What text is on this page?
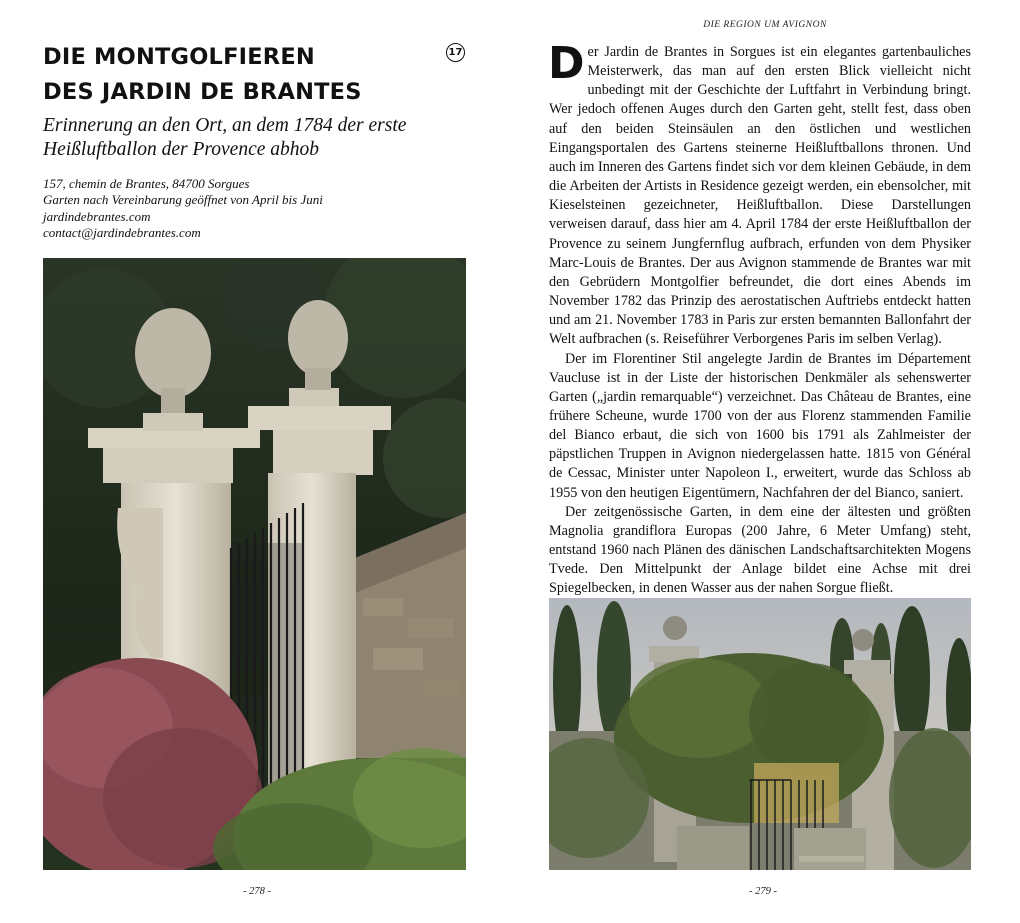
DIE MONTGOLFIEREN
DES JARDIN DE BRANTES
17
Erinnerung an den Ort, an dem 1784 der erste
Heißluftballon der Provence abhob
157, chemin de Brantes, 84700 Sorgues
Garten nach Vereinbarung geöffnet von April bis Juni
jardindebrantes.com
contact@jardindebrantes.com
- 278 -
DIE REGION UM AVIGNON

Der Jardin de Brantes in Sorgues ist ein elegantes gartenbauliches Meisterwerk, das man auf den ersten Blick vielleicht nicht unbedingt mit der Geschichte der Luftfahrt in Verbindung bringt. Wer jedoch offenen Auges durch den Garten geht, stellt fest, dass oben auf den beiden Steinsäulen an den östlichen und westlichen Eingangsportalen des Gartens steinerne Heißluftballons thronen. Und auch im Inneren des Gartens findet sich vor dem kleinen Gebäude, in dem die Arbeiten der Artists in Residence gezeigt werden, ein ebensolcher, mit Kieselsteinen gezeichneter, Heißluftballon. Diese Darstellungen verweisen darauf, dass hier am 4. April 1784 der erste Heißluftballon der Provence zu seinem Jungfernflug aufbrach, erfunden von dem Physiker Marc-Louis de Brantes. Der aus Avignon stammende de Brantes war mit den Gebrüdern Montgolfier befreundet, die dort eines Abends im November 1782 das Prinzip des aerostatischen Auftriebs entdeckt hatten und am 21. November 1783 in Paris zur ersten bemannten Ballonfahrt der Welt aufbrachen (s. Reiseführer Verborgenes Paris im selben Verlag).

Der im Florentiner Stil angelegte Jardin de Brantes im Département Vaucluse ist in der Liste der historischen Denkmäler als sehenswerter Garten („jardin remarquable“) verzeichnet. Das Château de Brantes, eine frühere Scheune, wurde 1700 von der aus Florenz stammenden Familie del Bianco erbaut, die sich von 1600 bis 1791 als Zahlmeister der päpstlichen Truppen in Avignon niedergelassen hatte. 1815 von Général de Cessac, Minister unter Napoleon I., erweitert, wurde das Schloss ab 1955 von den heutigen Eigentümern, Nachfahren der del Bianco, saniert.

Der zeitgenössische Garten, in dem eine der ältesten und größten Magnolia grandiflora Europas (200 Jahre, 6 Meter Umfang) steht, entstand 1960 nach Plänen des dänischen Landschaftsarchitekten Mogens Tvede. Den Mittelpunkt der Anlage bildet eine Achse mit drei Spiegelbecken, in denen Wasser aus der nahen Sorgue fließt.

- 279 -
